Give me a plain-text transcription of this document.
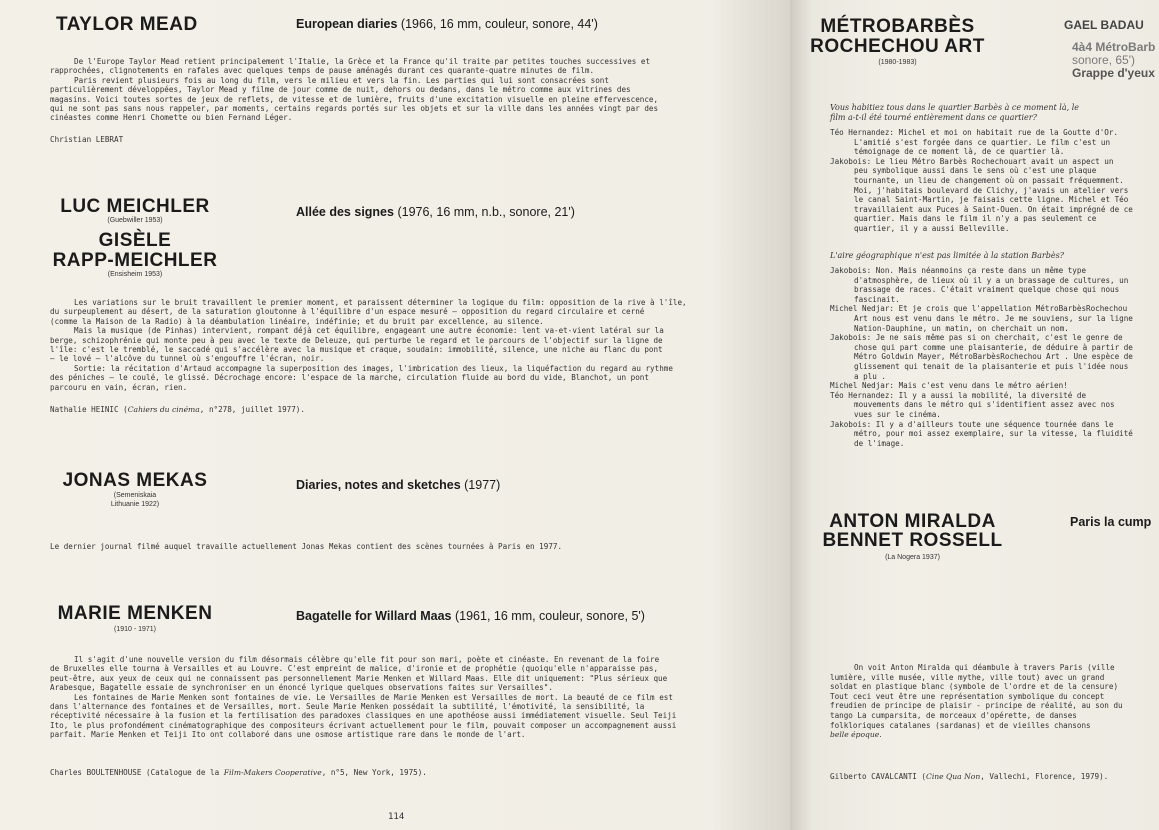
TAYLOR MEAD	European diaries (1966, 16 mm, couleur, sonore, 44')

De l'Europe Taylor Mead retient principalement l'Italie, la Grèce et la France qu'il traite par petites touches successives et

rapprochées, clignotements en rafales avec quelques temps de pause aménagés durant ces quarante-quatre minutes de film.

Paris revient plusieurs fois au long du film, vers le milieu et vers la fin. Les parties qui lui sont consacrées sont

particulièrement développées, Taylor Mead y filme de jour comme de nuit, dehors ou dedans, dans le métro comme aux vitrines des

magasins. Voici toutes sortes de jeux de reflets, de vitesse et de lumière, fruits d'une excitation visuelle en pleine effervescence,

qui ne sont pas sans nous rappeler, par moments, certains regards portés sur les objets et sur la ville dans les années vingt par des

cinéastes comme Henri Chomette ou bien Fernand Léger.

Christian LEBRAT
LUC MEICHLER
(Guebwiller 1953)
GISÈLE
RAPP-MEICHLER
(Ensisheim 1953)
Allée des signes (1976, 16 mm, n.b., sonore, 21')

Les variations sur le bruit travaillent le premier moment, et paraissent déterminer la logique du film: opposition de la rive à l'île,

du surpeuplement au désert, de la saturation gloutonne à l'équilibre d'un espace mesuré — opposition du regard circulaire et cerné

(comme la Maison de la Radio) à la déambulation linéaire, indéfinie; et du bruit par excellence, au silence.

Mais la musique (de Pinhas) intervient, rompant déjà cet équilibre, engageant une autre économie: lent va-et-vient latéral sur la

berge, schizophrénie qui monte peu à peu avec le texte de Deleuze, qui perturbe le regard et le parcours de l'objectif sur la ligne de

l'île: c'est le tremblé, le saccadé qui s'accélère avec la musique et craque, soudain: immobilité, silence, une niche au flanc du pont

— le lové — l'alcôve du tunnel où s'engouffre l'écran, noir.

Sortie: la récitation d'Artaud accompagne la superposition des images, l'imbrication des lieux, la liquéfaction du regard au rythme

des péniches — le coulé, le glissé. Décrochage encore: l'espace de la marche, circulation fluide au bord du vide, Blanchot, un pont

parcouru en vain, écran, rien.

Nathalie HEINIC (Cahiers du cinéma, n°278, juillet 1977).
JONAS MEKAS
(Semeniskaia
Lithuanie 1922)
Diaries, notes and sketches (1977)
Le dernier journal filmé auquel travaille actuellement Jonas Mekas contient des scènes tournées à Paris en 1977.
MARIE MENKEN
(1910 - 1971)
Bagatelle for Willard Maas (1961, 16 mm, couleur, sonore, 5')

Il s'agit d'une nouvelle version du film désormais célèbre qu'elle fit pour son mari, poète et cinéaste. En revenant de la foire

de Bruxelles elle tourna à Versailles et au Louvre. C'est empreint de malice, d'ironie et de prophétie (quoiqu'elle n'apparaisse pas,

peut-être, aux yeux de ceux qui ne connaissent pas personnellement Marie Menken et Willard Maas. Elle dit uniquement: "Plus sérieux que

Arabesque, Bagatelle essaie de synchroniser en un énoncé lyrique quelques observations faites sur Versailles".

Les fontaines de Marie Menken sont fontaines de vie. Le Versailles de Marie Menken est Versailles de mort. La beauté de ce film est

dans l'alternance des fontaines et de Versailles, mort. Seule Marie Menken possédait la subtilité, l'émotivité, la sensibilité, la

réceptivité nécessaire à la fusion et la fertilisation des paradoxes classiques en une apothéose aussi immédiatement visuelle. Seul Teiji

Ito, le plus profondément cinématographique des compositeurs écrivant actuellement pour le film, pouvait composer un accompagnement aussi

parfait. Marie Menken et Teiji Ito ont collaboré dans une osmose artistique rare dans le monde de l'art.

Charles BOULTENHOUSE (Catalogue de la Film-Makers Cooperative, n°5, New York, 1975).
114
MÉTROBARBÈS
ROCHECHOU ART
(1980-1983)
GAEL BADAU
4à4 MétroBarb
sonore, 65')
Grappe d'yeux
Vous habitiez tous dans le quartier Barbès à ce moment là, le
film a-t-il été tourné entièrement dans ce quartier?

Téo Hernandez: Michel et moi on habitait rue de la Goutte d'Or.

L'amitié s'est forgée dans ce quartier. Le film c'est un

témoignage de ce moment là, de ce quartier là.

Jakobois: Le lieu Métro Barbès Rochechouart avait un aspect un

peu symbolique aussi dans le sens où c'est une plaque

tournante, un lieu de changement où on passait fréquemment.

Moi, j'habitais boulevard de Clichy, j'avais un atelier vers

le canal Saint-Martin, je faisais cette ligne. Michel et Téo

travaillaient aux Puces à Saint-Ouen. On était imprégné de ce

quartier. Mais dans le film il n'y a pas seulement ce

quartier, il y a aussi Belleville.

L'aire géographique n'est pas limitée à la station Barbès?

Jakobois: Non. Mais néanmoins ça reste dans un même type

d'atmosphère, de lieux où il y a un brassage de cultures, un

brassage de races. C'était vraiment quelque chose qui nous

fascinait.

Michel Nedjar: Et je crois que l'appellation MétroBarbèsRochechou

Art nous est venu dans le métro. Je me souviens, sur la ligne

Nation-Dauphine, un matin, on cherchait un nom.

Jakobois: Je ne sais même pas si on cherchait, c'est le genre de

chose qui part comme une plaisanterie, de déduire à partir de

Métro Goldwin Mayer, MétroBarbèsRochechou Art . Une espèce de

glissement qui tenait de la plaisanterie et puis l'idée nous

a plu .

Michel Nedjar: Mais c'est venu dans le métro aérien!

Téo Hernandez: Il y a aussi la mobilité, la diversité de

mouvements dans le métro qui s'identifient assez avec nos

vues sur le cinéma.

Jakobois: Il y a d'ailleurs toute une séquence tournée dans le

métro, pour moi assez exemplaire, sur la vitesse, la fluidité

de l'image.

ANTON MIRALDA
BENNET ROSSELL
(La Nogera 1937)
Paris la cump

On voit Anton Miralda qui déambule à travers Paris (ville

lumière, ville musée, ville mythe, ville tout) avec un grand

soldat en plastique blanc (symbole de l'ordre et de la censure)

Tout ceci veut être une représentation symbolique du concept

freudien de principe de plaisir - principe de réalité, au son du

tango La cumparsita, de morceaux d'opérette, de danses

folkloriques catalanes (sardanas) et de vieilles chansons

belle époque.

Gilberto CAVALCANTI (Cine Qua Non, Vallechi, Florence, 1979).
